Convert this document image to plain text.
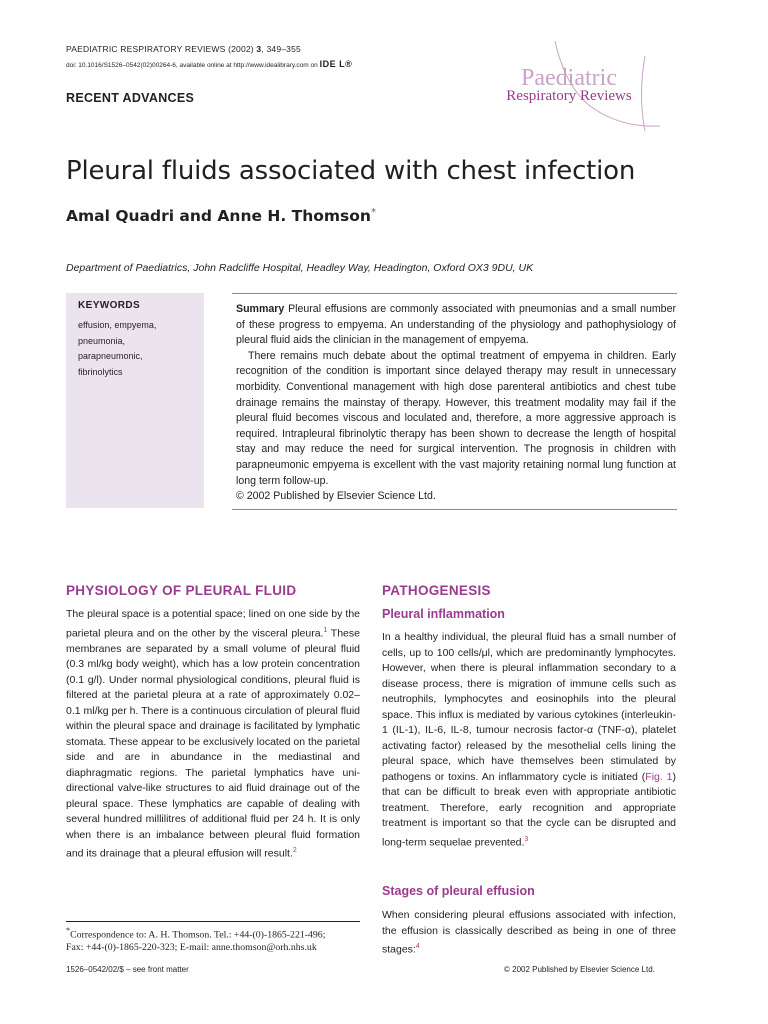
PAEDIATRIC RESPIRATORY REVIEWS (2002) 3, 349–355
doi: 10.1016/S1526–0542(02)00264-6, available online at http://www.idealibrary.com on IDE L®
RECENT ADVANCES
Paediatric
Respiratory Reviews
Pleural fluids associated with chest infection
Amal Quadri and Anne H. Thomson*
Department of Paediatrics, John Radcliffe Hospital, Headley Way, Headington, Oxford OX3 9DU, UK
KEYWORDS
effusion, empyema,
pneumonia,
parapneumonic,
fibrinolytics

Summary Pleural effusions are commonly associated with pneumonias and a small number of these progress to empyema. An understanding of the physiology and pathophysiology of pleural fluid aids the clinician in the management of empyema.

There remains much debate about the optimal treatment of empyema in children. Early recognition of the condition is important since delayed therapy may result in unnecessary morbidity. Conventional management with high dose parenteral antibiotics and chest tube drainage remains the mainstay of therapy. However, this treatment modality may fail if the pleural fluid becomes viscous and loculated and, therefore, a more aggressive approach is required. Intrapleural fibrinolytic therapy has been shown to decrease the length of hospital stay and may reduce the need for surgical intervention. The prognosis in children with parapneumonic empyema is excellent with the vast majority retaining normal lung function at long term follow-up.

© 2002 Published by Elsevier Science Ltd.

PHYSIOLOGY OF PLEURAL FLUID

The pleural space is a potential space; lined on one side by the parietal pleura and on the other by the visceral pleura.$^1$ These membranes are separated by a small volume of pleural fluid (0.3 ml/kg body weight), which has a low protein concentration (0.1 g/l). Under normal physiological conditions, pleural fluid is filtered at the parietal pleura at a rate of approximately 0.02–0.1 ml/kg per h. There is a continuous circulation of pleural fluid within the pleural space and drainage is facilitated by lymphatic stomata. These appear to be exclusively located on the parietal side and are in abundance in the mediastinal and diaphragmatic regions. The parietal lymphatics have uni-directional valve-like structures to aid fluid drainage out of the pleural space. These lymphatics are capable of dealing with several hundred millilitres of additional fluid per 24 h. It is only when there is an imbalance between pleural fluid formation and its drainage that a pleural effusion will result.$^2$

PATHOGENESIS
Pleural inflammation

In a healthy individual, the pleural fluid has a small number of cells, up to 100 cells/μl, which are predominantly lymphocytes. However, when there is pleural inflammation secondary to a disease process, there is migration of immune cells such as neutrophils, lymphocytes and eosinophils into the pleural space. This influx is mediated by various cytokines (interleukin-1 (IL-1), IL-6, IL-8, tumour necrosis factor-α (TNF-α), platelet activating factor) released by the mesothelial cells lining the pleural space, which have themselves been stimulated by pathogens or toxins. An inflammatory cycle is initiated (Fig. 1) that can be difficult to break even with appropriate antibiotic treatment. Therefore, early recognition and appropriate treatment is important so that the cycle can be disrupted and long-term sequelae prevented.$^3$

Stages of pleural effusion

When considering pleural effusions associated with infection, the effusion is classically described as being in one of three stages:$^4$

*Correspondence to: A. H. Thomson. Tel.: +44-(0)-1865-221-496;
Fax: +44-(0)-1865-220-323; E-mail: anne.thomson@orh.nhs.uk
1526–0542/02/$ – see front matter	© 2002 Published by Elsevier Science Ltd.
